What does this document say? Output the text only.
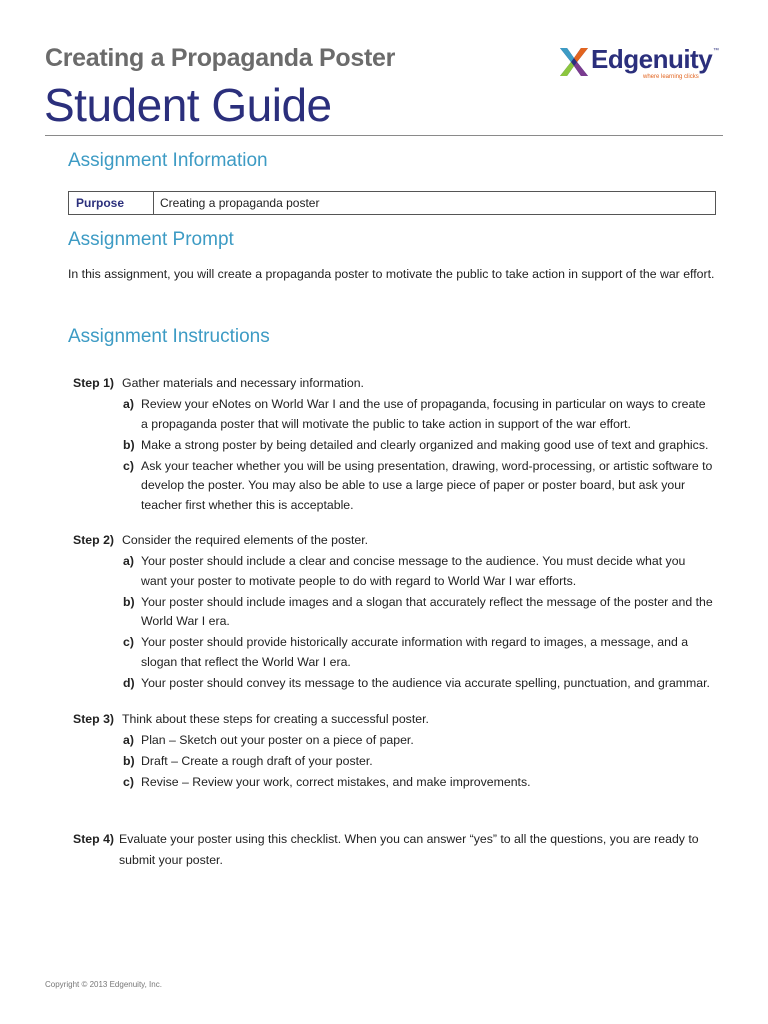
Creating a Propaganda Poster
Student Guide
Edgenuity ™
where learning clicks
Assignment Information
Purpose	Creating a propaganda poster
Assignment Prompt
In this assignment, you will create a propaganda poster to motivate the public to take action in support of the war effort.
Assignment Instructions
Step 1) Gather materials and necessary information.
a) Review your eNotes on World War I and the use of propaganda, focusing in particular on ways to create a propaganda poster that will motivate the public to take action in support of the war effort.
b) Make a strong poster by being detailed and clearly organized and making good use of text and graphics.
c) Ask your teacher whether you will be using presentation, drawing, word-processing, or artistic software to develop the poster. You may also be able to use a large piece of paper or poster board, but ask your teacher first whether this is acceptable.
Step 2) Consider the required elements of the poster.
a) Your poster should include a clear and concise message to the audience. You must decide what you want your poster to motivate people to do with regard to World War I war efforts.
b) Your poster should include images and a slogan that accurately reflect the message of the poster and the World War I era.
c) Your poster should provide historically accurate information with regard to images, a message, and a slogan that reflect the World War I era.
d) Your poster should convey its message to the audience via accurate spelling, punctuation, and grammar.
Step 3) Think about these steps for creating a successful poster.
a) Plan – Sketch out your poster on a piece of paper.
b) Draft – Create a rough draft of your poster.
c) Revise – Review your work, correct mistakes, and make improvements.
Step 4) Evaluate your poster using this checklist. When you can answer “yes” to all the questions, you are ready to submit your poster.
Copyright © 2013 Edgenuity, Inc.
